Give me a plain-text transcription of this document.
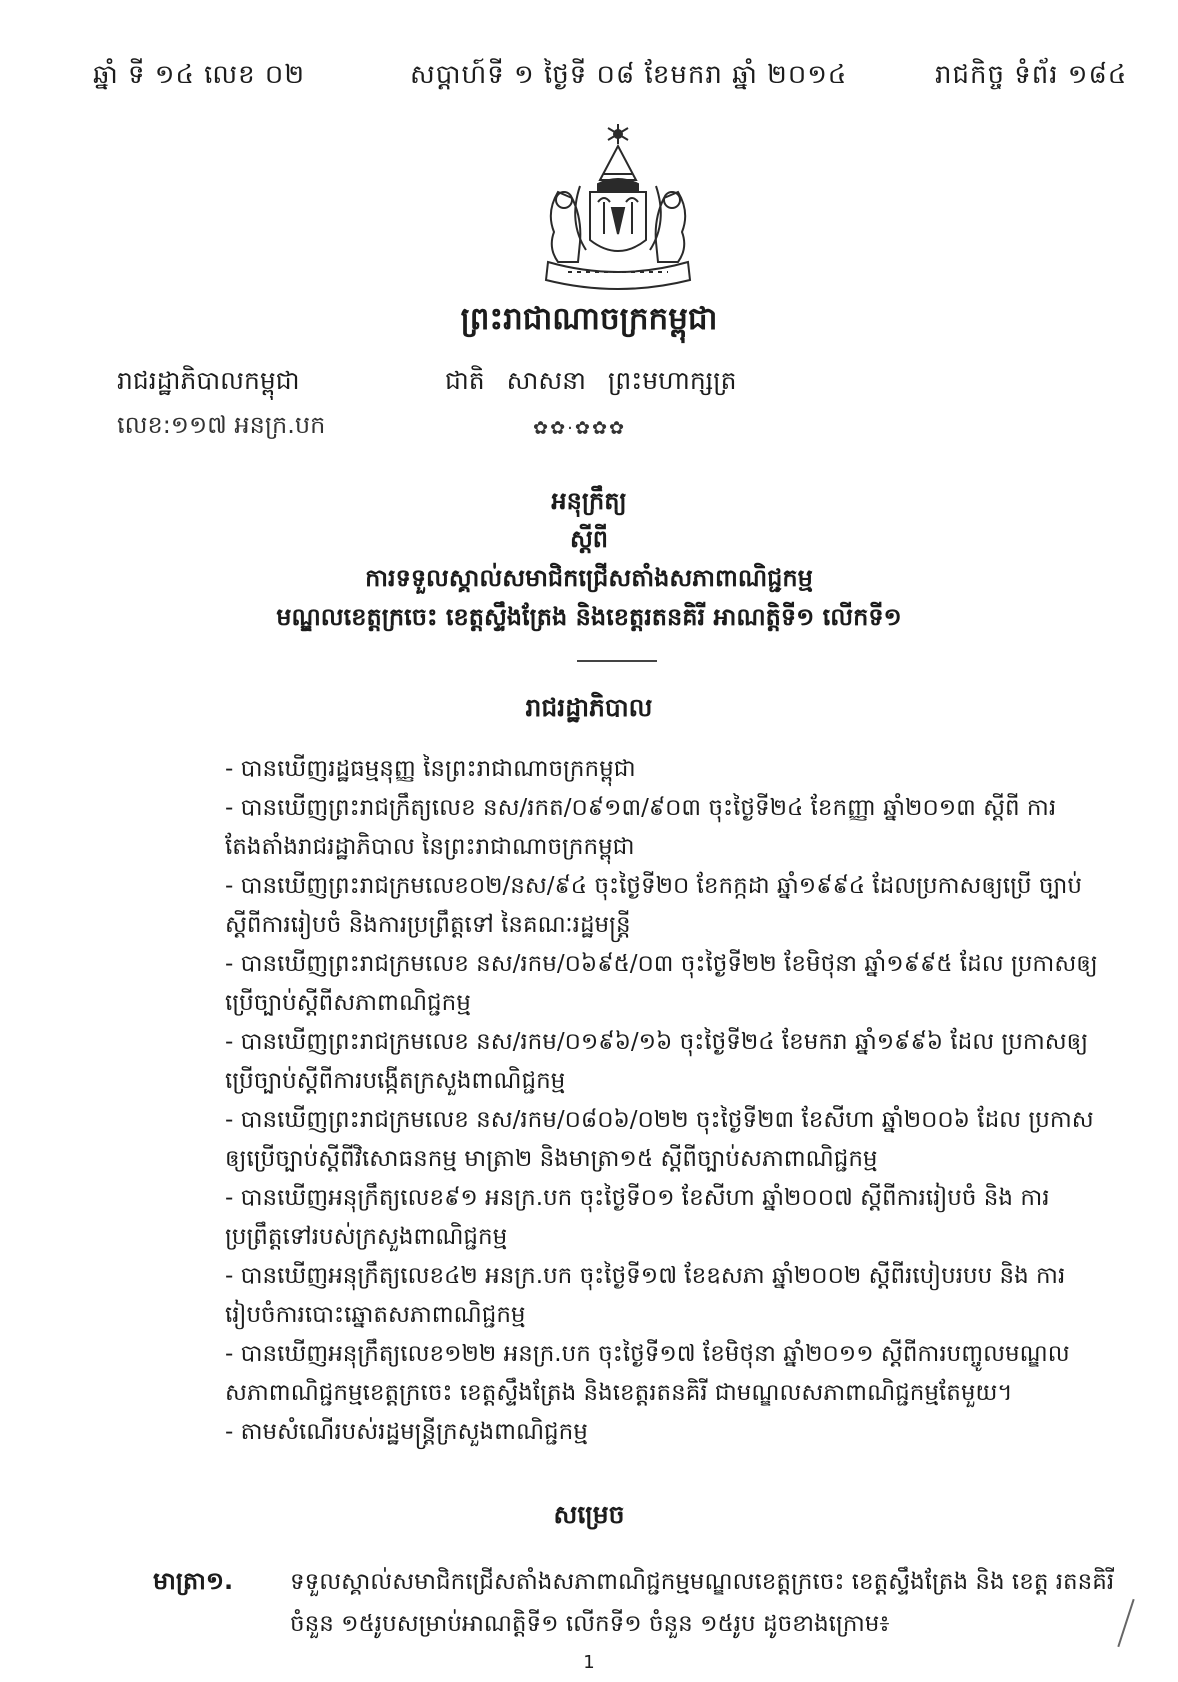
ឆ្នាំ ទី ១៤ លេខ ០២	សប្តាហ៍ទី ១ ថ្ងៃទី ០៨ ខែមករា ឆ្នាំ ២០១៤	រាជកិច្ច ទំព័រ ១៨៤
ព្រះរាជាណាចក្រកម្ពុជា
រាជរដ្ឋាភិបាលកម្ពុជា	ជាតិ សាសនា ព្រះមហាក្សត្រ
លេខ:១១៧ អនក្រ.បក	✿✿·✿✿✿
អនុក្រឹត្យ
ស្តីពី
ការទទួលស្គាល់សមាជិកជ្រើសតាំងសភាពាណិជ្ជកម្ម
មណ្ឌលខេត្តក្រចេះ ខេត្តស្ទឹងត្រែង និងខេត្តរតនគិរី អាណត្តិទី១ លើកទី១
រាជរដ្ឋាភិបាល

- បានឃើញរដ្ឋធម្មនុញ្ញ នៃព្រះរាជាណាចក្រកម្ពុជា

- បានឃើញព្រះរាជក្រឹត្យលេខ នស/រកត/០៩១៣/៩០៣ ចុះថ្ងៃទី២៤ ខែកញ្ញា ឆ្នាំ២០១៣ ស្តីពី ការតែងតាំងរាជរដ្ឋាភិបាល នៃព្រះរាជាណាចក្រកម្ពុជា

- បានឃើញព្រះរាជក្រមលេខ០២/នស/៩៤ ចុះថ្ងៃទី២០ ខែកក្កដា ឆ្នាំ១៩៩៤ ដែលប្រកាសឲ្យប្រើ ច្បាប់ស្តីពីការរៀបចំ និងការប្រព្រឹត្តទៅ នៃគណៈរដ្ឋមន្ត្រី

- បានឃើញព្រះរាជក្រមលេខ នស/រកម/០៦៩៥/០៣ ចុះថ្ងៃទី២២ ខែមិថុនា ឆ្នាំ១៩៩៥ ដែល ប្រកាសឲ្យប្រើច្បាប់ស្តីពីសភាពាណិជ្ជកម្ម

- បានឃើញព្រះរាជក្រមលេខ នស/រកម/០១៩៦/១៦ ចុះថ្ងៃទី២៤ ខែមករា ឆ្នាំ១៩៩៦ ដែល ប្រកាសឲ្យប្រើច្បាប់ស្តីពីការបង្កើតក្រសួងពាណិជ្ជកម្ម

- បានឃើញព្រះរាជក្រមលេខ នស/រកម/០៨០៦/០២២ ចុះថ្ងៃទី២៣ ខែសីហា ឆ្នាំ២០០៦ ដែល ប្រកាសឲ្យប្រើច្បាប់ស្តីពីវិសោធនកម្ម មាត្រា២ និងមាត្រា១៥ ស្តីពីច្បាប់សភាពាណិជ្ជកម្ម

- បានឃើញអនុក្រឹត្យលេខ៩១ អនក្រ.បក ចុះថ្ងៃទី០១ ខែសីហា ឆ្នាំ២០០៧ ស្តីពីការរៀបចំ និង ការប្រព្រឹត្តទៅរបស់ក្រសួងពាណិជ្ជកម្ម

- បានឃើញអនុក្រឹត្យលេខ៤២ អនក្រ.បក ចុះថ្ងៃទី១៧ ខែឧសភា ឆ្នាំ២០០២ ស្តីពីរបៀបរបប និង ការរៀបចំការបោះឆ្នោតសភាពាណិជ្ជកម្ម

- បានឃើញអនុក្រឹត្យលេខ១២២ អនក្រ.បក ចុះថ្ងៃទី១៧ ខែមិថុនា ឆ្នាំ២០១១ ស្តីពីការបញ្ចូលមណ្ឌល សភាពាណិជ្ជកម្មខេត្តក្រចេះ ខេត្តស្ទឹងត្រែង និងខេត្តរតនគិរី ជាមណ្ឌលសភាពាណិជ្ជកម្មតែមួយ។

- តាមសំណើរបស់រដ្ឋមន្ត្រីក្រសួងពាណិជ្ជកម្ម

សម្រេច
មាត្រា១. ទទួលស្គាល់សមាជិកជ្រើសតាំងសភាពាណិជ្ជកម្មមណ្ឌលខេត្តក្រចេះ ខេត្តស្ទឹងត្រែង និង ខេត្ត រតនគិរី ចំនួន ១៥រូបសម្រាប់អាណត្តិទី១ លើកទី១ ចំនួន ១៥រូប ដូចខាងក្រោម៖
1
